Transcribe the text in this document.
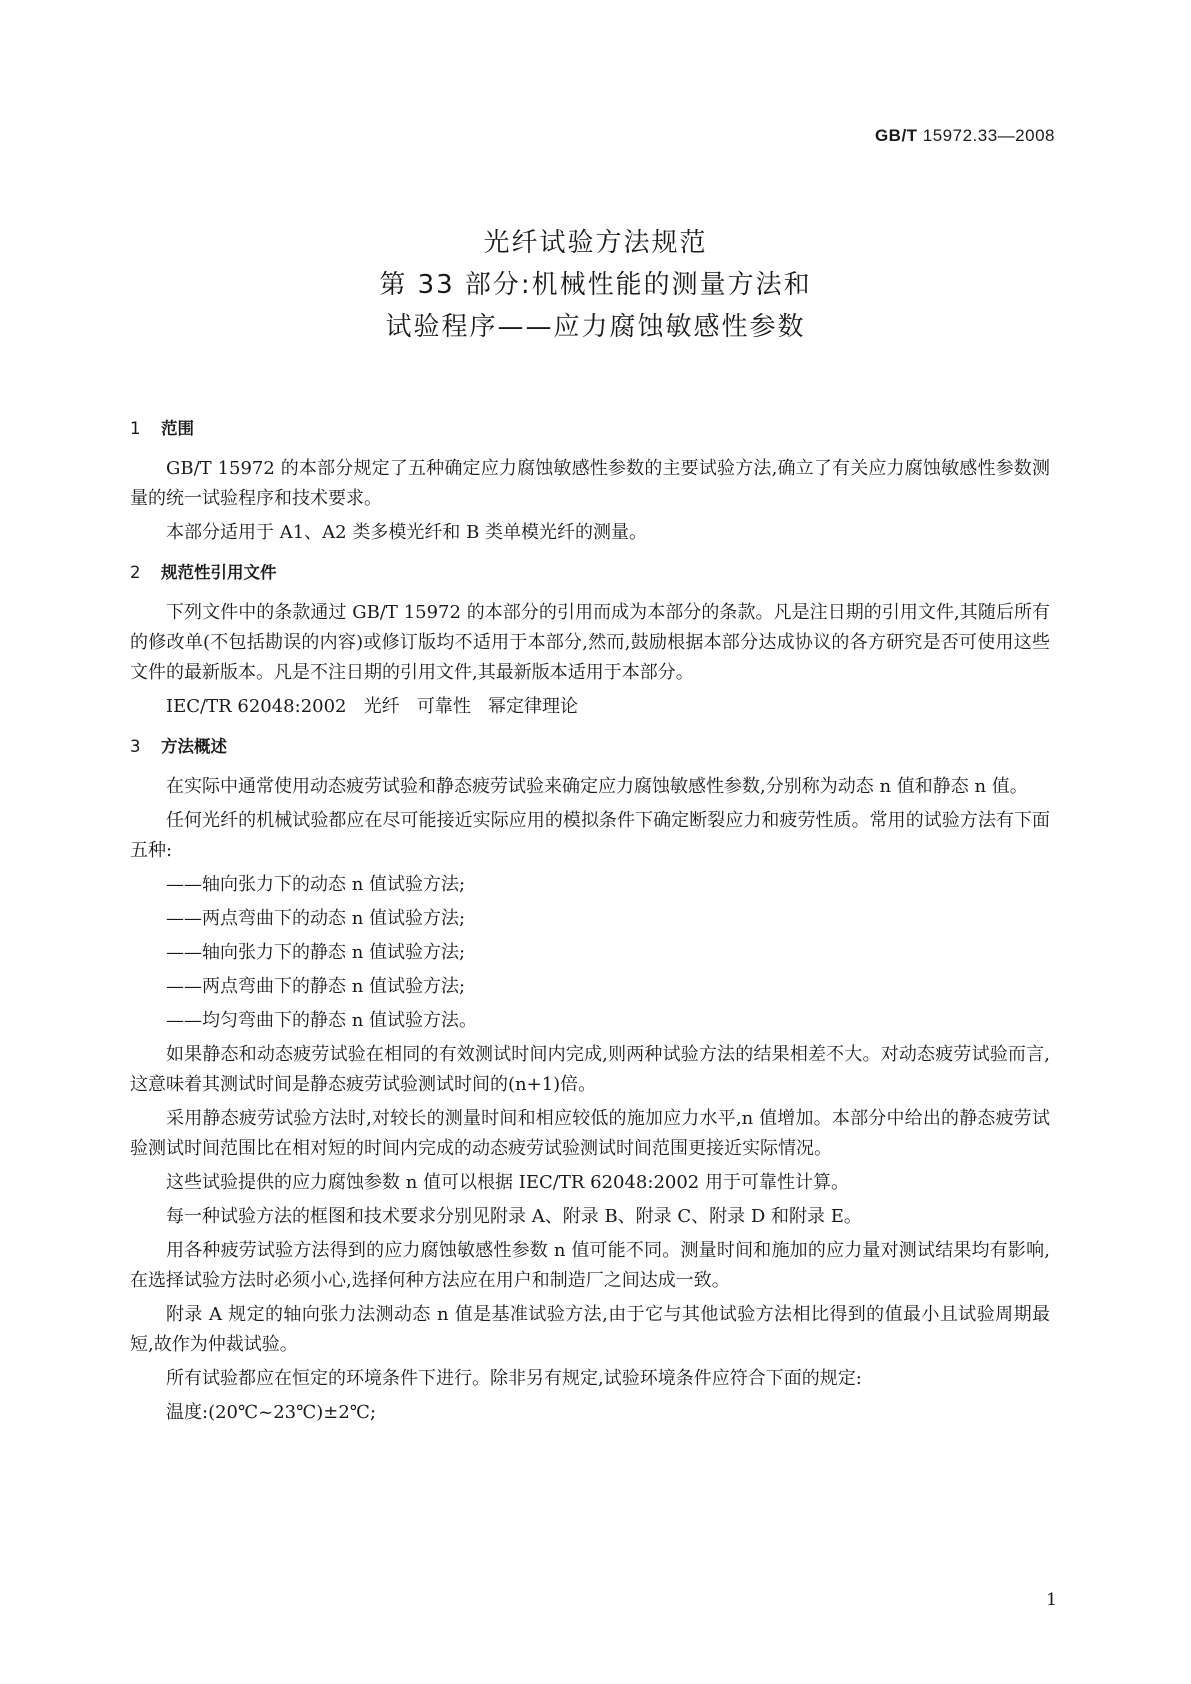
GB/T 15972.33—2008
光纤试验方法规范
第 33 部分:机械性能的测量方法和
试验程序——应力腐蚀敏感性参数
1 范围

GB/T 15972 的本部分规定了五种确定应力腐蚀敏感性参数的主要试验方法,确立了有关应力腐蚀敏感性参数测量的统一试验程序和技术要求。

本部分适用于 A1、A2 类多模光纤和 B 类单模光纤的测量。

2 规范性引用文件

下列文件中的条款通过 GB/T 15972 的本部分的引用而成为本部分的条款。凡是注日期的引用文件,其随后所有的修改单(不包括勘误的内容)或修订版均不适用于本部分,然而,鼓励根据本部分达成协议的各方研究是否可使用这些文件的最新版本。凡是不注日期的引用文件,其最新版本适用于本部分。

IEC/TR 62048:2002   光纤   可靠性   幂定律理论

3 方法概述

在实际中通常使用动态疲劳试验和静态疲劳试验来确定应力腐蚀敏感性参数,分别称为动态 n 值和静态 n 值。

任何光纤的机械试验都应在尽可能接近实际应用的模拟条件下确定断裂应力和疲劳性质。常用的试验方法有下面五种:

——轴向张力下的动态 n 值试验方法;

——两点弯曲下的动态 n 值试验方法;

——轴向张力下的静态 n 值试验方法;

——两点弯曲下的静态 n 值试验方法;

——均匀弯曲下的静态 n 值试验方法。

如果静态和动态疲劳试验在相同的有效测试时间内完成,则两种试验方法的结果相差不大。对动态疲劳试验而言,这意味着其测试时间是静态疲劳试验测试时间的(n+1)倍。

采用静态疲劳试验方法时,对较长的测量时间和相应较低的施加应力水平,n 值增加。本部分中给出的静态疲劳试验测试时间范围比在相对短的时间内完成的动态疲劳试验测试时间范围更接近实际情况。

这些试验提供的应力腐蚀参数 n 值可以根据 IEC/TR 62048:2002 用于可靠性计算。

每一种试验方法的框图和技术要求分别见附录 A、附录 B、附录 C、附录 D 和附录 E。

用各种疲劳试验方法得到的应力腐蚀敏感性参数 n 值可能不同。测量时间和施加的应力量对测试结果均有影响,在选择试验方法时必须小心,选择何种方法应在用户和制造厂之间达成一致。

附录 A 规定的轴向张力法测动态 n 值是基准试验方法,由于它与其他试验方法相比得到的值最小且试验周期最短,故作为仲裁试验。

所有试验都应在恒定的环境条件下进行。除非另有规定,试验环境条件应符合下面的规定:

温度:(20℃~23℃)±2℃;

1
